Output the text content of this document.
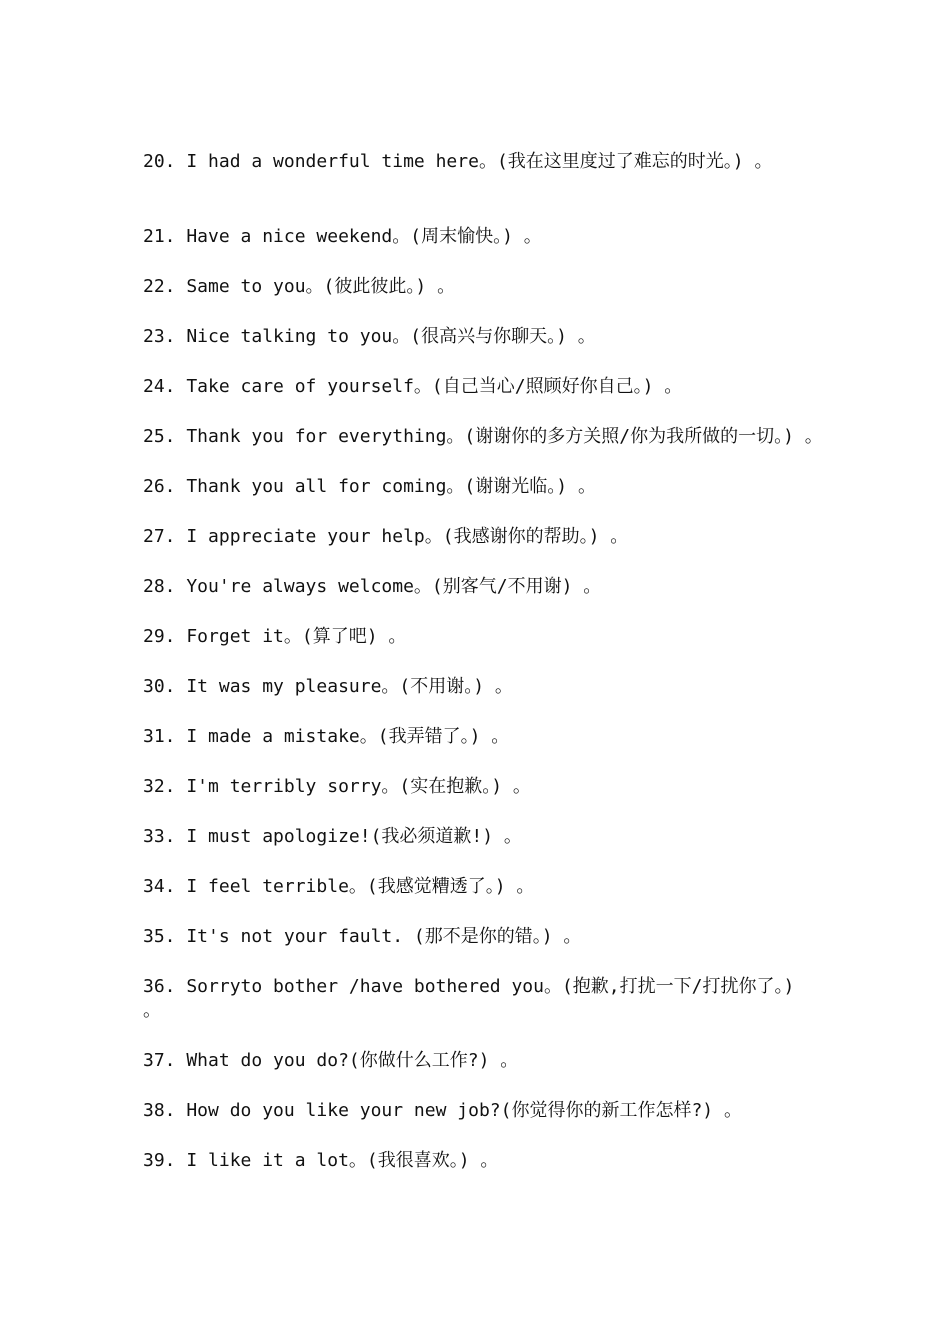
20. I had a wonderful time here。(我在这里度过了难忘的时光。) 。
21. Have a nice weekend。(周末愉快。) 。
22. Same to you。(彼此彼此。) 。
23. Nice talking to you。(很高兴与你聊天。) 。
24. Take care of yourself。(自己当心/照顾好你自己。) 。
25. Thank you for everything。(谢谢你的多方关照/你为我所做的一切。) 。
26. Thank you all for coming。(谢谢光临。) 。
27. I appreciate your help。(我感谢你的帮助。) 。
28. You're always welcome。(别客气/不用谢) 。
29. Forget it。(算了吧) 。
30. It was my pleasure。(不用谢。) 。
31. I made a mistake。(我弄错了。) 。
32. I'm terribly sorry。(实在抱歉。) 。
33. I must apologize!(我必须道歉!) 。
34. I feel terrible。(我感觉糟透了。) 。
35. It's not your fault. (那不是你的错。) 。
36. Sorryto bother /have bothered you。(抱歉,打扰一下/打扰你了。) 。
37. What do you do?(你做什么工作?) 。
38. How do you like your new job?(你觉得你的新工作怎样?) 。
39. I like it a lot。(我很喜欢。) 。
